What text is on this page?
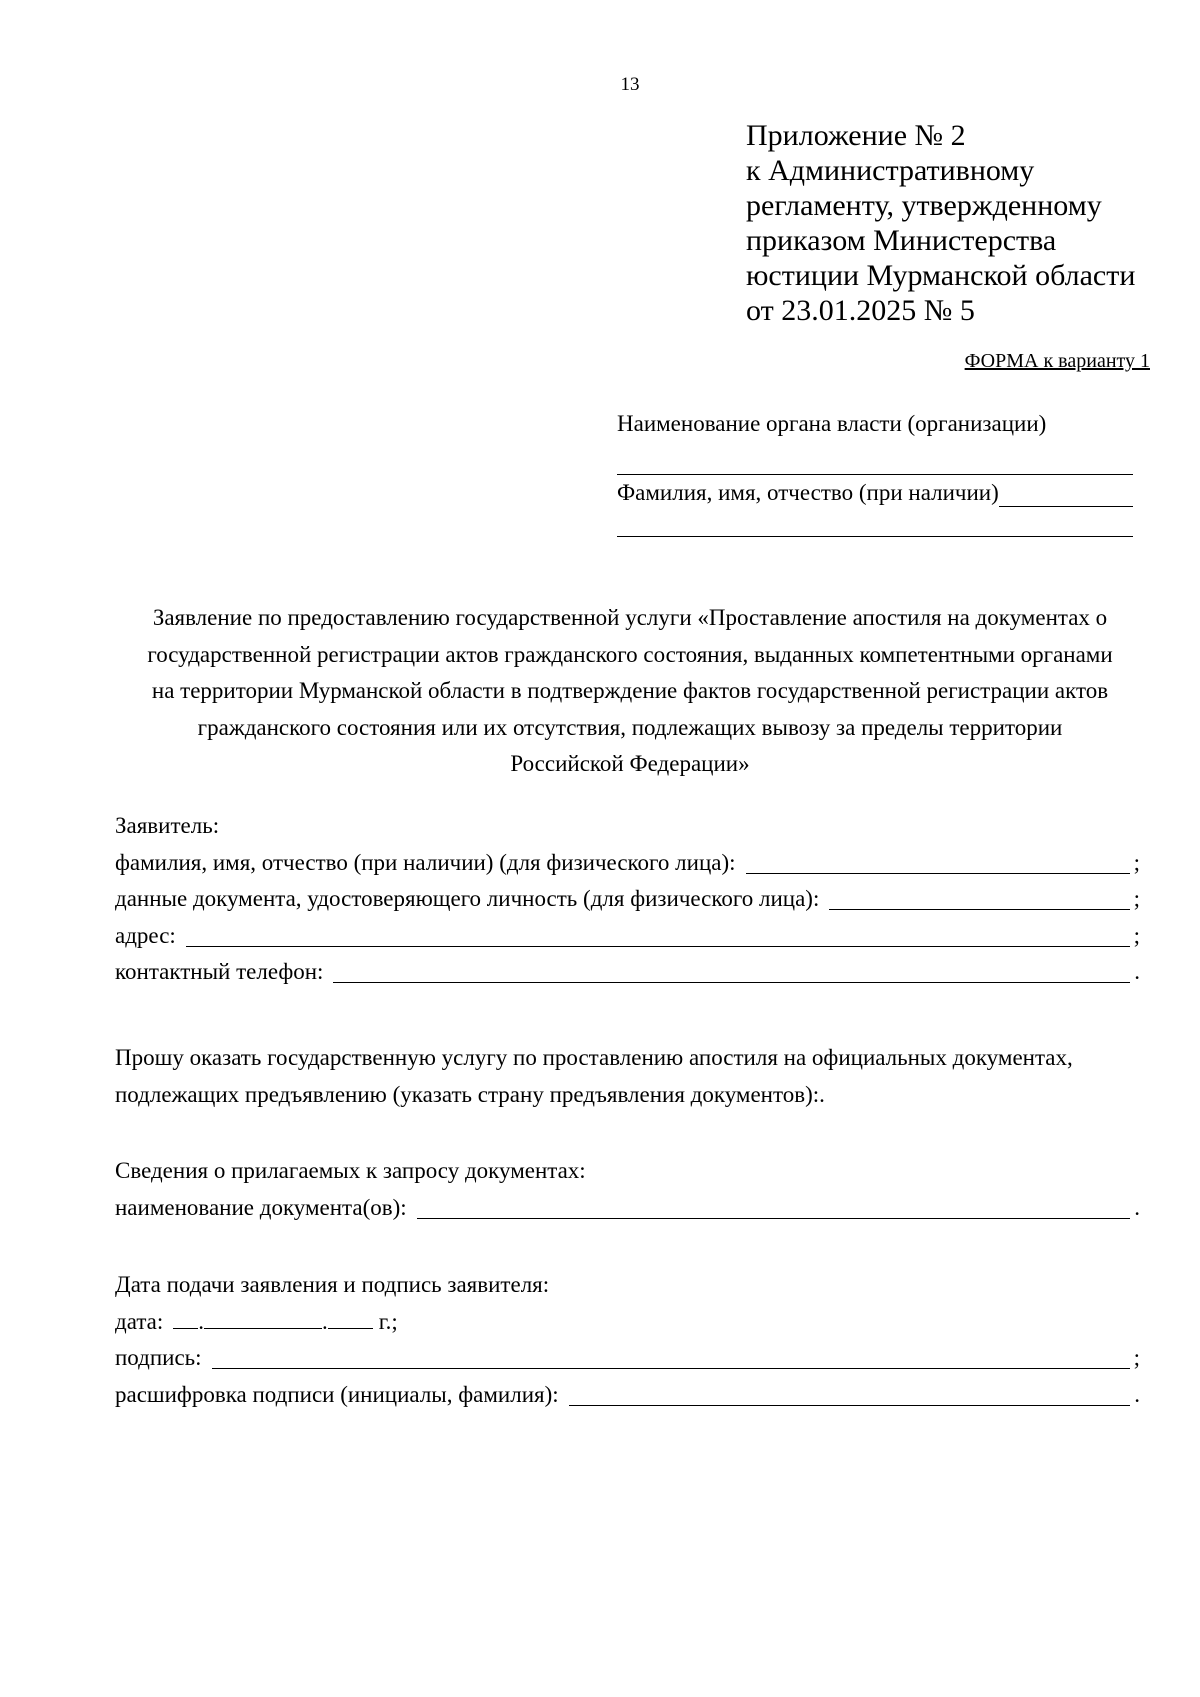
13
Приложение № 2
к Административному
регламенту, утвержденному
приказом Министерства
юстиции Мурманской области
от 23.01.2025 № 5
ФОРМА к варианту 1
Наименование органа власти (организации)
Фамилия, имя, отчество (при наличии)
Заявление по предоставлению государственной услуги «Проставление апостиля на документах о
государственной регистрации актов гражданского состояния, выданных компетентными органами
на территории Мурманской области в подтверждение фактов государственной регистрации актов
гражданского состояния или их отсутствия, подлежащих вывозу за пределы территории
Российской Федерации»
Заявитель:
фамилия, имя, отчество (при наличии) (для физического лица):	;
данные документа, удостоверяющего личность (для физического лица):	;
адрес:	;
контактный телефон:	.
Прошу оказать государственную услугу по проставлению апостиля на официальных документах,
подлежащих предъявлению (указать страну предъявления документов):.
Сведения о прилагаемых к запросу документах:
наименование документа(ов):	.
Дата подачи заявления и подпись заявителя:
дата: .	. г.;
подпись:	;
расшифровка подписи (инициалы, фамилия):	.
